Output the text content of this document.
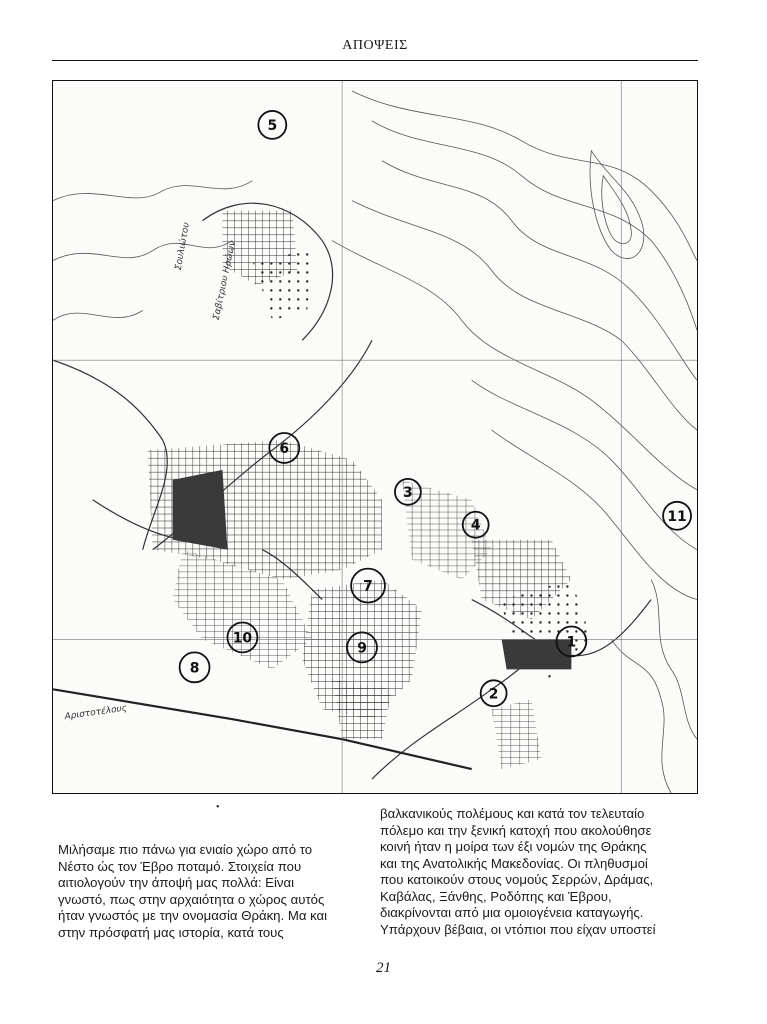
ΑΠΟΨΕΙΣ
5
6
3
4
7
9
10
8
2
1
11
Σουλιώτου Σαβίτριου Ηρώων
Αριστοτέλους
•

Μιλήσαμε πιο πάνω για ενιαίο χώρο από το

Νέστο ώς τον Έβρο ποταμό. Στοιχεία που

αιτιολογούν την άποψή μας πολλά: Είναι

γνωστό, πως στην αρχαιότητα ο χώρος αυτός

ήταν γνωστός με την ονομασία Θράκη. Μα και

στην πρόσφατή μας ιστορία, κατά τους

βαλκανικούς πολέμους και κατά τον τελευταίο

πόλεμο και την ξενική κατοχή που ακολούθησε

κοινή ήταν η μοίρα των έξι νομών της Θράκης

και της Ανατολικής Μακεδονίας. Οι πληθυσμοί

που κατοικούν στους νομούς Σερρών, Δράμας,

Καβάλας, Ξάνθης, Ροδόπης και Έβρου,

διακρίνονται από μια ομοιογένεια καταγωγής.

Υπάρχουν βέβαια, οι ντόπιοι που είχαν υποστεί

21
